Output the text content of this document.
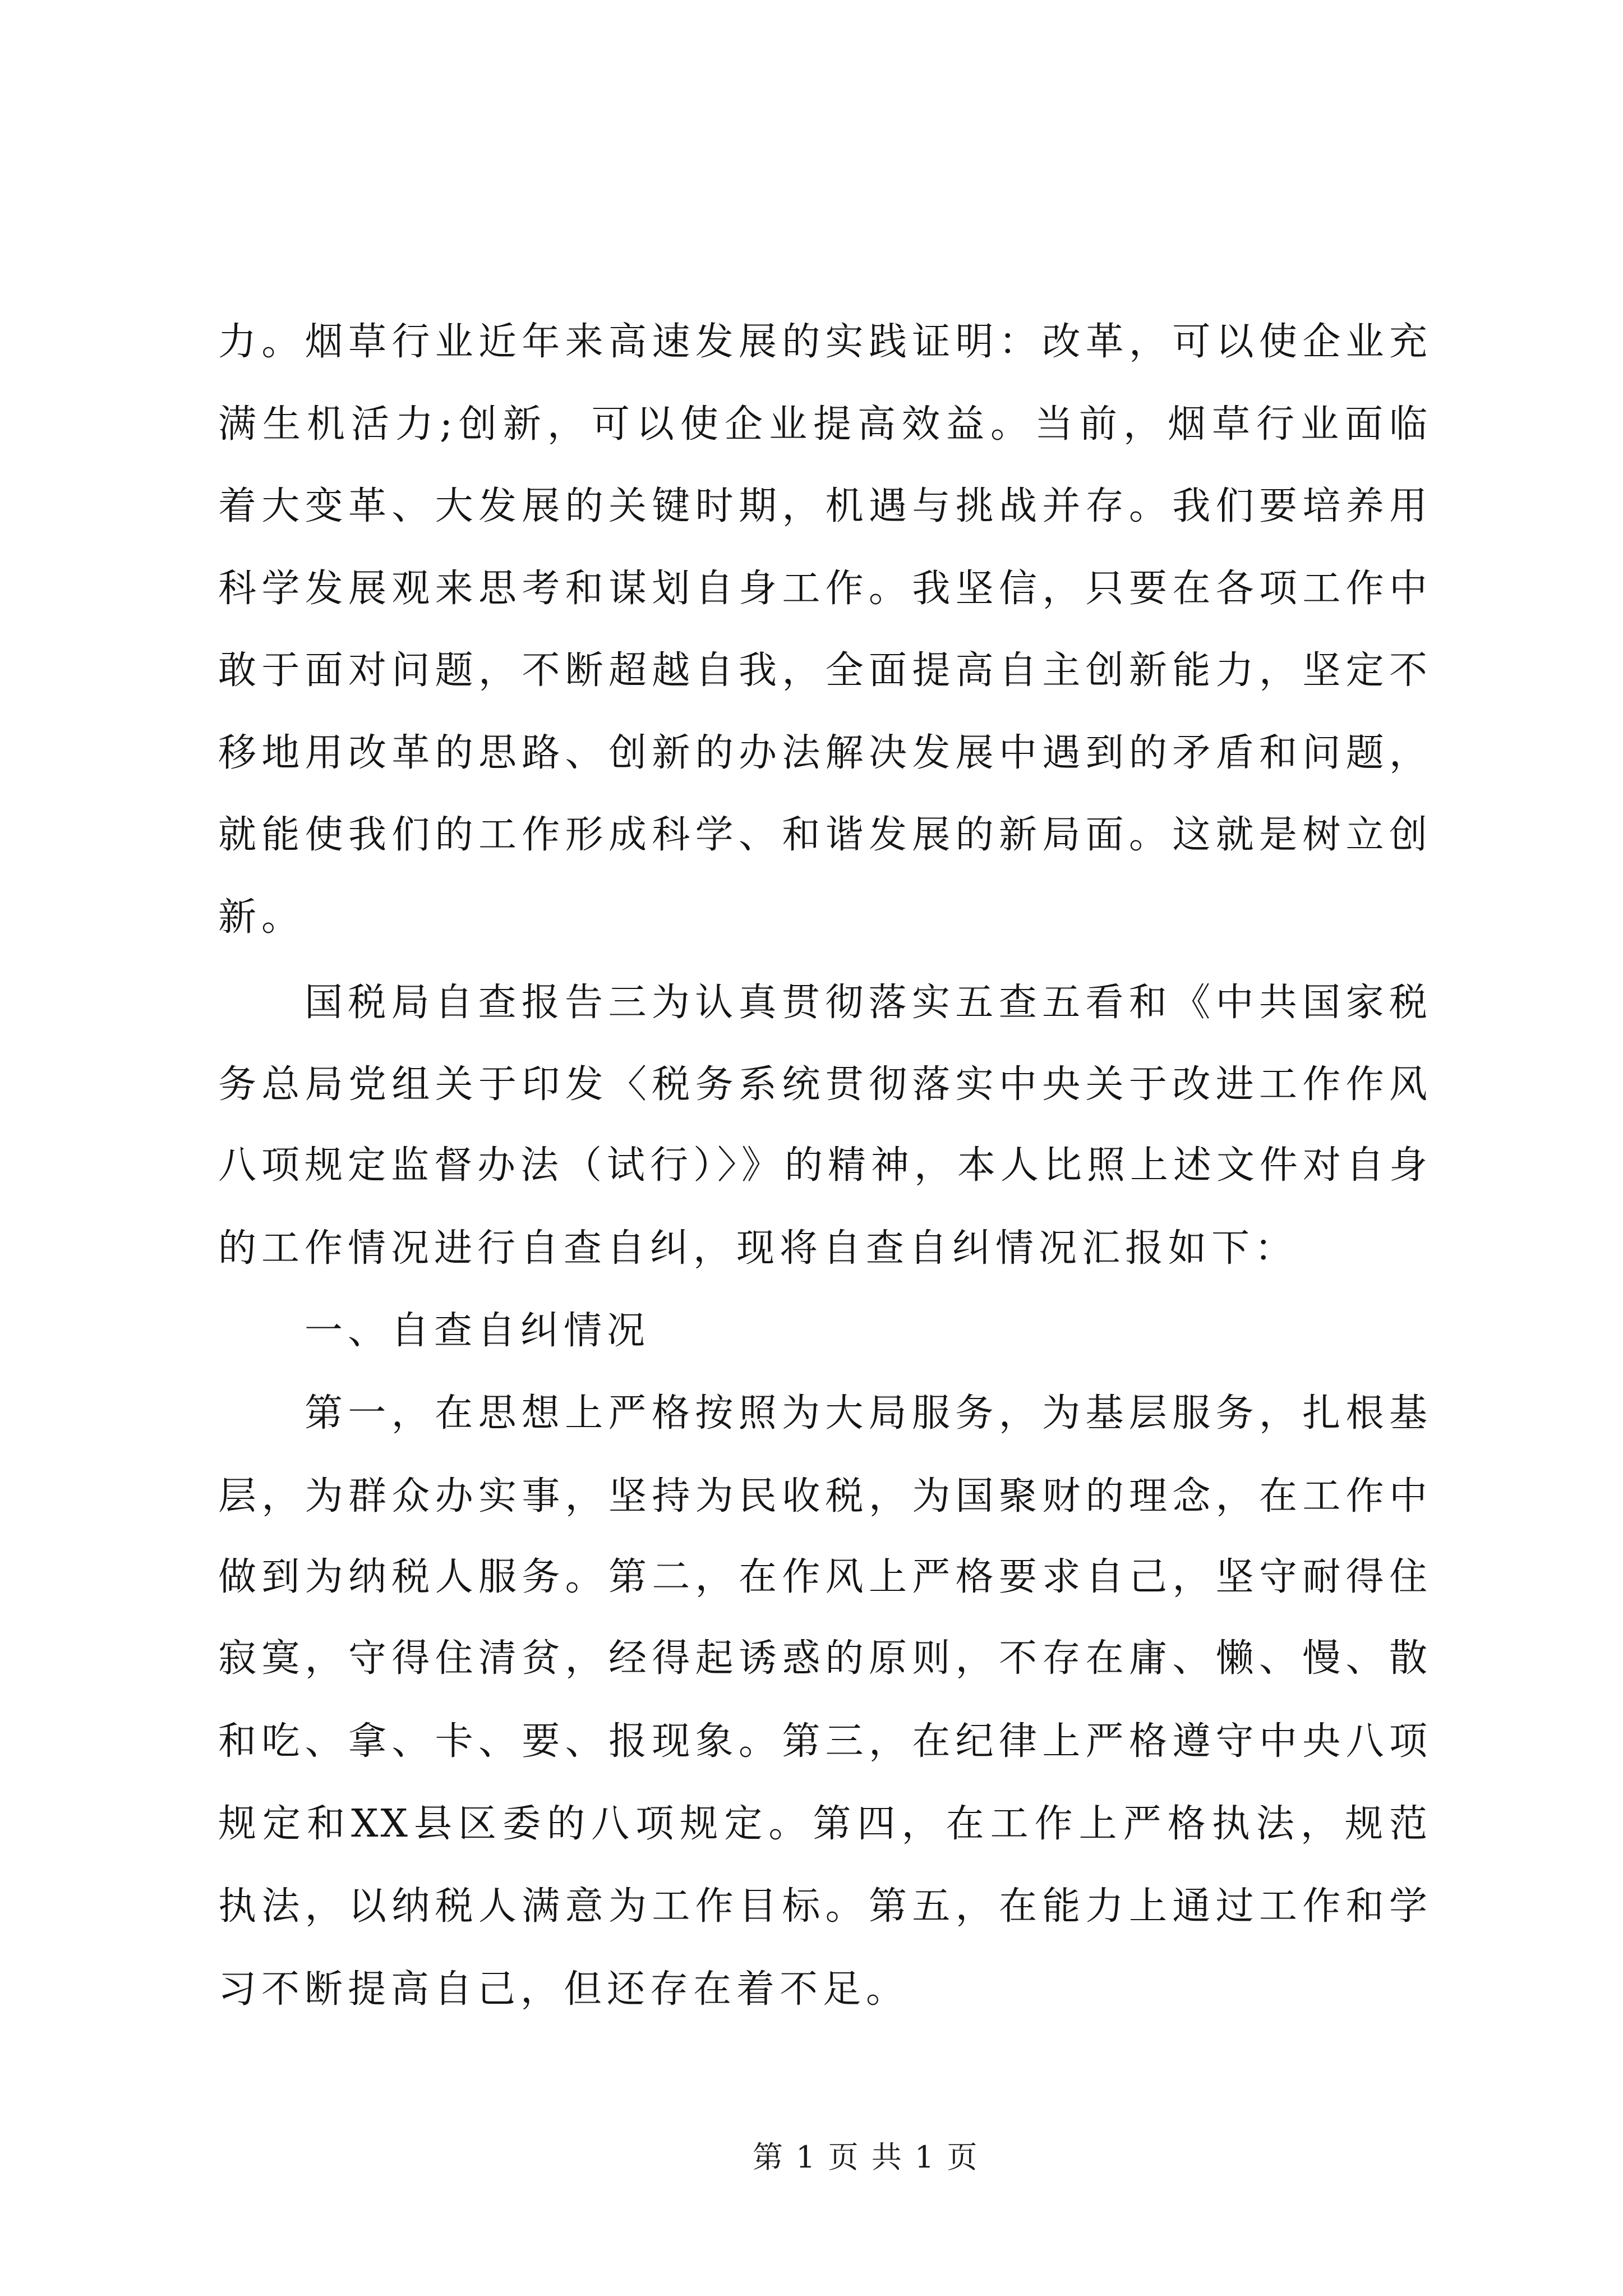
力。烟草行业近年来高速发展的实践证明：改革，可以使企业充
满生机活力;创新，可以使企业提高效益。当前，烟草行业面临
着大变革、大发展的关键时期，机遇与挑战并存。我们要培养用
科学发展观来思考和谋划自身工作。我坚信，只要在各项工作中
敢于面对问题，不断超越自我，全面提高自主创新能力，坚定不
移地用改革的思路、创新的办法解决发展中遇到的矛盾和问题，
就能使我们的工作形成科学、和谐发展的新局面。这就是树立创
新。
国税局自查报告三为认真贯彻落实五查五看和《中共国家税
务总局党组关于印发〈税务系统贯彻落实中央关于改进工作作风
八项规定监督办法（试行）〉》的精神，本人比照上述文件对自身
的工作情况进行自查自纠，现将自查自纠情况汇报如下：
一、自查自纠情况
第一，在思想上严格按照为大局服务，为基层服务，扎根基
层，为群众办实事，坚持为民收税，为国聚财的理念，在工作中
做到为纳税人服务。第二，在作风上严格要求自己，坚守耐得住
寂寞，守得住清贫，经得起诱惑的原则，不存在庸、懒、慢、散
和吃、拿、卡、要、报现象。第三，在纪律上严格遵守中央八项
规定和XX县区委的八项规定。第四，在工作上严格执法，规范
执法，以纳税人满意为工作目标。第五，在能力上通过工作和学
习不断提高自己，但还存在着不足。
第 1 页 共 1 页
